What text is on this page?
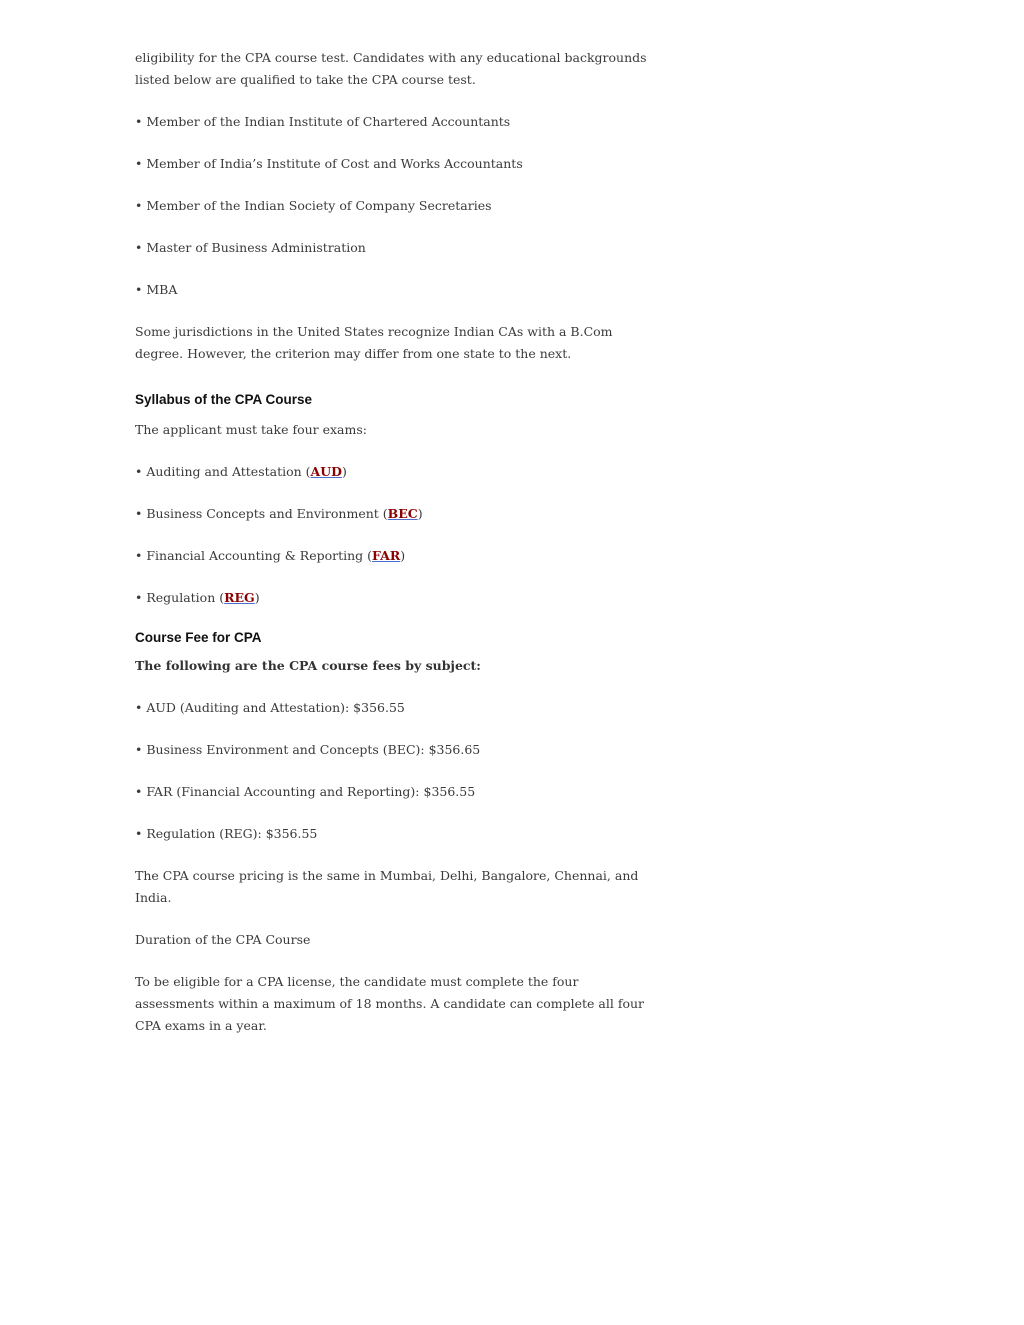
eligibility for the CPA course test. Candidates with any educational backgrounds listed below are qualified to take the CPA course test.

• Member of the Indian Institute of Chartered Accountants

• Member of India’s Institute of Cost and Works Accountants

• Member of the Indian Society of Company Secretaries

• Master of Business Administration

• MBA

Some jurisdictions in the United States recognize Indian CAs with a B.Com degree. However, the criterion may differ from one state to the next.

Syllabus of the CPA Course

The applicant must take four exams:

• Auditing and Attestation (AUD)

• Business Concepts and Environment (BEC)

• Financial Accounting & Reporting (FAR)

• Regulation (REG)

Course Fee for CPA

The following are the CPA course fees by subject:

• AUD (Auditing and Attestation): $356.55

• Business Environment and Concepts (BEC): $356.65

• FAR (Financial Accounting and Reporting): $356.55

• Regulation (REG): $356.55

The CPA course pricing is the same in Mumbai, Delhi, Bangalore, Chennai, and India.

Duration of the CPA Course

To be eligible for a CPA license, the candidate must complete the four assessments within a maximum of 18 months. A candidate can complete all four CPA exams in a year.
